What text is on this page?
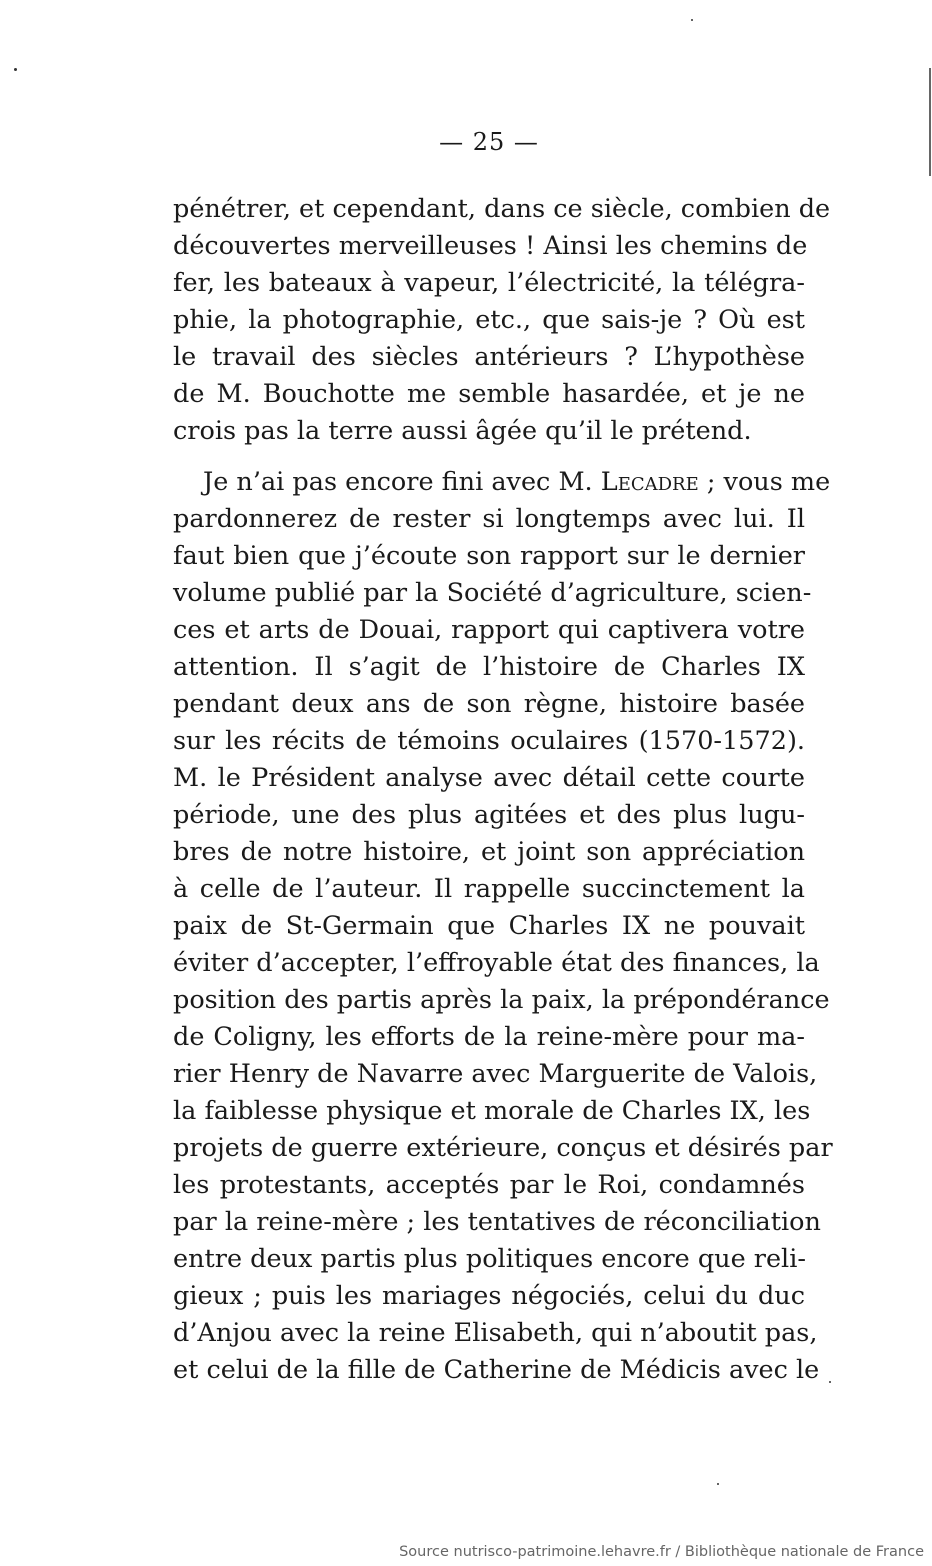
— 25 —
pénétrer, et cependant, dans ce siècle, combien de
découvertes merveilleuses ! Ainsi les chemins de
fer, les bateaux à vapeur, l’électricité, la télégra-
phie, la photographie, etc., que sais-je ? Où est
le travail des siècles antérieurs ? L’hypothèse
de M. Bouchotte me semble hasardée, et je ne
crois pas la terre aussi âgée qu’il le prétend.
Je n’ai pas encore fini avec M. Lecadre ; vous me
pardonnerez de rester si longtemps avec lui. Il
faut bien que j’écoute son rapport sur le dernier
volume publié par la Société d’agriculture, scien-
ces et arts de Douai, rapport qui captivera votre
attention. Il s’agit de l’histoire de Charles IX
pendant deux ans de son règne, histoire basée
sur les récits de témoins oculaires (1570-1572).
M. le Président analyse avec détail cette courte
période, une des plus agitées et des plus lugu-
bres de notre histoire, et joint son appréciation
à celle de l’auteur. Il rappelle succinctement la
paix de St-Germain que Charles IX ne pouvait
éviter d’accepter, l’effroyable état des finances, la
position des partis après la paix, la prépondérance
de Coligny, les efforts de la reine-mère pour ma-
rier Henry de Navarre avec Marguerite de Valois,
la faiblesse physique et morale de Charles IX, les
projets de guerre extérieure, conçus et désirés par
les protestants, acceptés par le Roi, condamnés
par la reine-mère ; les tentatives de réconciliation
entre deux partis plus politiques encore que reli-
gieux ; puis les mariages négociés, celui du duc
d’Anjou avec la reine Elisabeth, qui n’aboutit pas,
et celui de la fille de Catherine de Médicis avec le
Source nutrisco-patrimoine.lehavre.fr / Bibliothèque nationale de France
